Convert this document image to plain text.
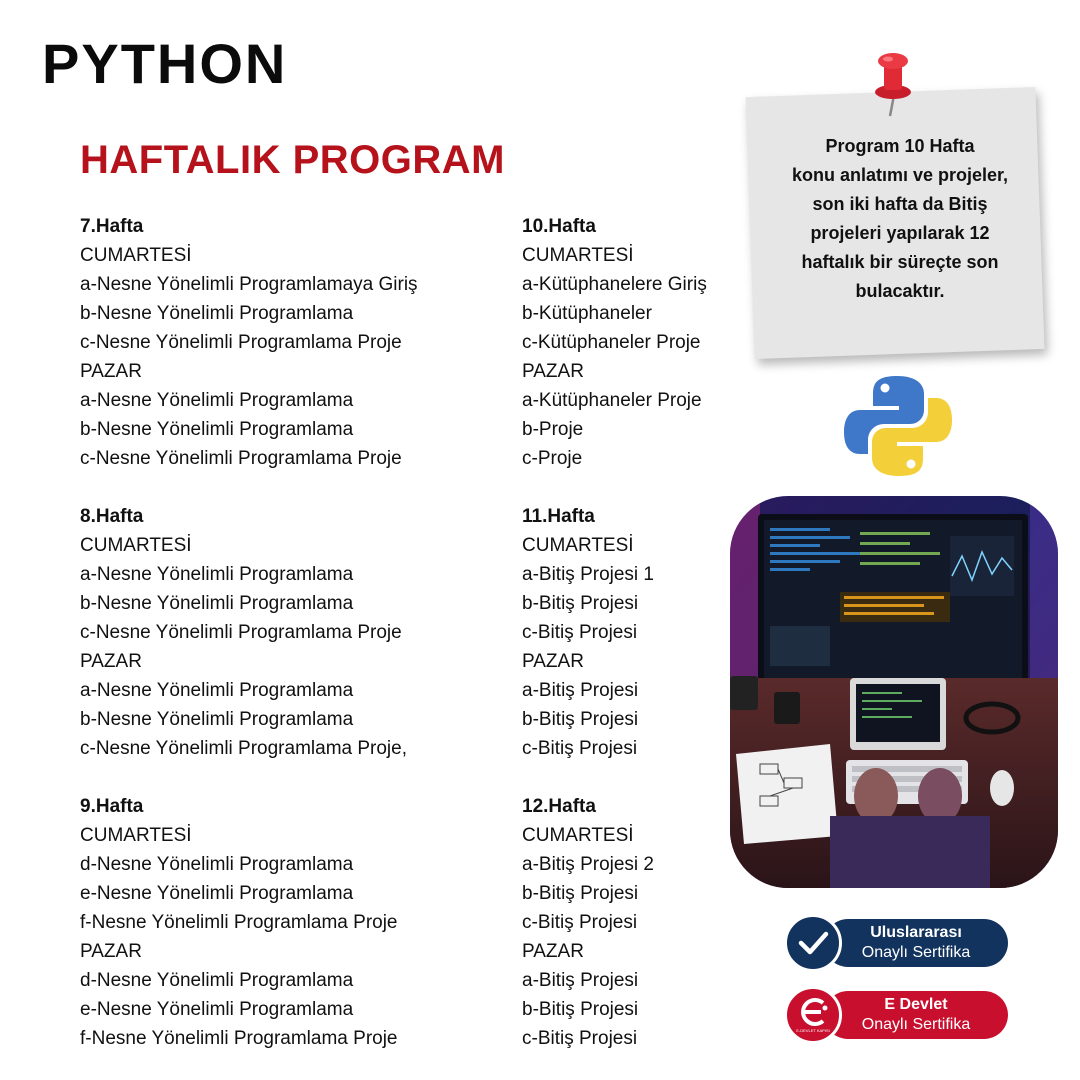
PYTHON
HAFTALIK PROGRAM
7.Hafta
CUMARTESİ
a-Nesne Yönelimli Programlamaya Giriş
b-Nesne Yönelimli Programlama
c-Nesne Yönelimli Programlama Proje
PAZAR
a-Nesne Yönelimli Programlama
b-Nesne Yönelimli Programlama
c-Nesne Yönelimli Programlama Proje
8.Hafta
CUMARTESİ
a-Nesne Yönelimli Programlama
b-Nesne Yönelimli Programlama
c-Nesne Yönelimli Programlama Proje
PAZAR
a-Nesne Yönelimli Programlama
b-Nesne Yönelimli Programlama
c-Nesne Yönelimli Programlama Proje,
9.Hafta
CUMARTESİ
d-Nesne Yönelimli Programlama
e-Nesne Yönelimli Programlama
f-Nesne Yönelimli Programlama Proje
PAZAR
d-Nesne Yönelimli Programlama
e-Nesne Yönelimli Programlama
f-Nesne Yönelimli Programlama Proje
10.Hafta
CUMARTESİ
a-Kütüphanelere Giriş
b-Kütüphaneler
c-Kütüphaneler Proje
PAZAR
a-Kütüphaneler Proje
b-Proje
c-Proje
11.Hafta
CUMARTESİ
a-Bitiş Projesi 1
b-Bitiş Projesi
c-Bitiş Projesi
PAZAR
a-Bitiş Projesi
b-Bitiş Projesi
c-Bitiş Projesi
12.Hafta
CUMARTESİ
a-Bitiş Projesi 2
b-Bitiş Projesi
c-Bitiş Projesi
PAZAR
a-Bitiş Projesi
b-Bitiş Projesi
c-Bitiş Projesi
Program 10 Hafta
konu anlatımı ve projeler,
son iki hafta da Bitiş
projeleri yapılarak 12
haftalık bir süreçte son
bulacaktır.
Uluslararası
Onaylı Sertifika
E Devlet
Onaylı Sertifika
E-DEVLET KAPISI
